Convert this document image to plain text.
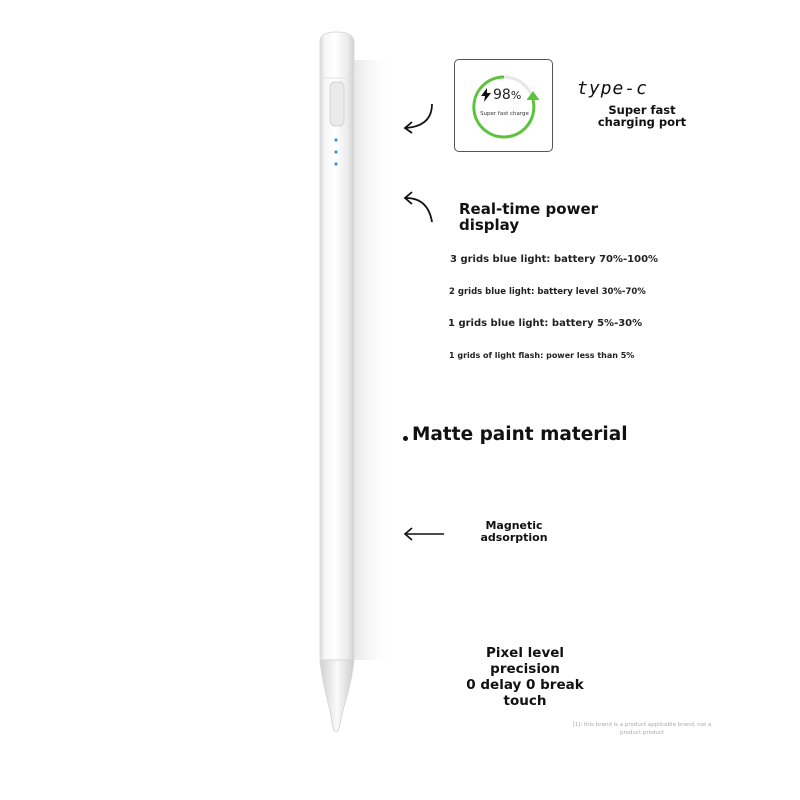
98%
Super fast charge

type-c

Super fast charging port

Real-time power display

3 grids blue light: battery 70%-100%

2 grids blue light: battery level 30%-70%

1 grids blue light: battery 5%-30%

1 grids of light flash: power less than 5%

Matte paint material

Magnetic adsorption

Pixel level
precision
0 delay 0 break
touch

[1]: this brand is a product applicable brand, not a product product
